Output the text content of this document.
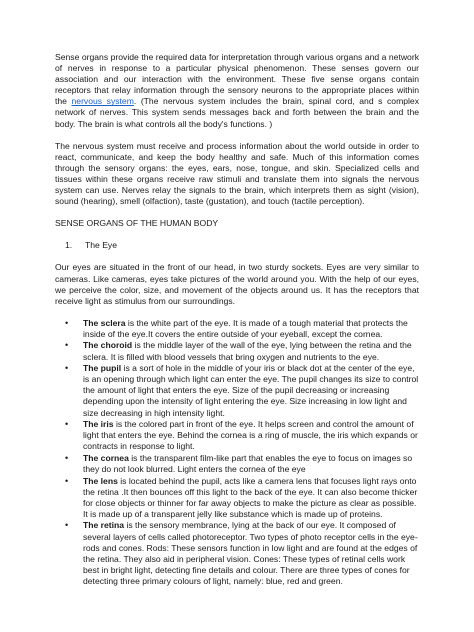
Sense organs provide the required data for interpretation through various organs and a network of nerves in response to a particular physical phenomenon. These senses govern our association and our interaction with the environment. These five sense organs contain receptors that relay information through the sensory neurons to the appropriate places within the nervous system. (The nervous system includes the brain, spinal cord, and s complex network of nerves. This system sends messages back and forth between the brain and the body. The brain is what controls all the body's functions. )

The nervous system must receive and process information about the world outside in order to react, communicate, and keep the body healthy and safe. Much of this information comes through the sensory organs: the eyes, ears, nose, tongue, and skin. Specialized cells and tissues within these organs receive raw stimuli and translate them into signals the nervous system can use. Nerves relay the signals to the brain, which interprets them as sight (vision), sound (hearing), smell (olfaction), taste (gustation), and touch (tactile perception).

SENSE ORGANS OF THE HUMAN BODY

1.	The Eye

Our eyes are situated in the front of our head, in two sturdy sockets. Eyes are very similar to cameras. Like cameras, eyes take pictures of the world around you. With the help of our eyes, we perceive the color, size, and movement of the objects around us. It has the receptors that receive light as stimulus from our surroundings.

• The sclera is the white part of the eye. It is made of a tough material that protects the inside of the eye.It covers the entire outside of your eyeball, except the cornea.
• The choroid is the middle layer of the wall of the eye, lying between the retina and the sclera. It is filled with blood vessels that bring oxygen and nutrients to the eye.
• The pupil is a sort of hole in the middle of your iris or black dot at the center of the eye, is an opening through which light can enter the eye. The pupil changes its size to control the amount of light that enters the eye. Size of the pupil decreasing or increasing depending upon the intensity of light entering the eye. Size increasing in low light and size decreasing in high intensity light.
• The iris is the colored part in front of the eye. It helps screen and control the amount of light that enters the eye. Behind the cornea is a ring of muscle, the iris which expands or contracts in response to light.
• The cornea is the transparent film-like part that enables the eye to focus on images so they do not look blurred. Light enters the cornea of the eye
• The lens is located behind the pupil, acts like a camera lens that focuses light rays onto the retina .It then bounces off this light to the back of the eye. It can also become thicker for close objects or thinner for far away objects to make the picture as clear as possible. It is made up of a transparent jelly like substance which is made up of proteins.
• The retina is the sensory membrance, lying at the back of our eye. It composed of several layers of cells called photoreceptor. Two types of photo receptor cells in the eye- rods and cones. Rods: These sensors function in low light and are found at the edges of the retina. They also aid in peripheral vision. Cones: These types of retinal cells work best in bright light, detecting fine details and colour. There are three types of cones for detecting three primary colours of light, namely: blue, red and green.
